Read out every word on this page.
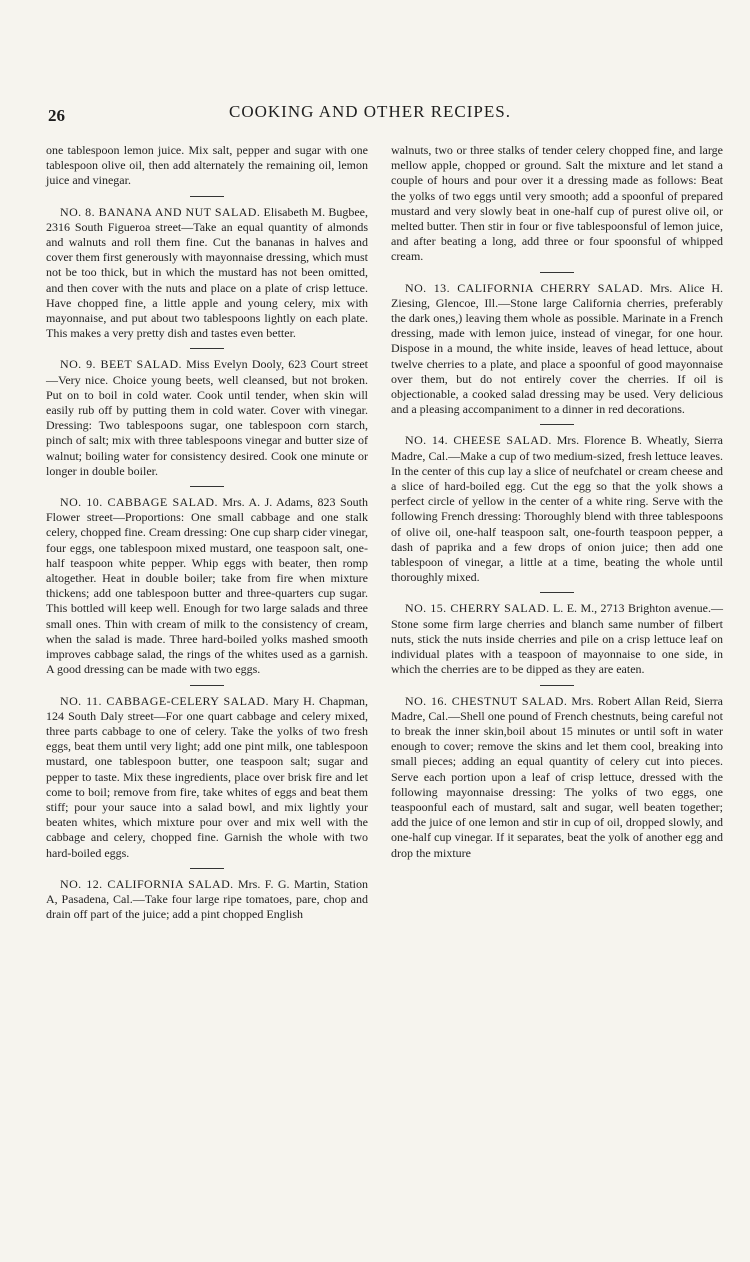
26	COOKING AND OTHER RECIPES.

one tablespoon lemon juice. Mix salt, pepper and sugar with one tablespoon olive oil, then add alternately the remaining oil, lemon juice and vinegar.

NO. 8. BANANA AND NUT SALAD. Elisabeth M. Bugbee, 2316 South Figueroa street—Take an equal quantity of almonds and walnuts and roll them fine. Cut the bananas in halves and cover them first generously with mayonnaise dressing, which must not be too thick, but in which the mustard has not been omitted, and then cover with the nuts and place on a plate of crisp lettuce. Have chopped fine, a little apple and young celery, mix with mayonnaise, and put about two tablespoons lightly on each plate. This makes a very pretty dish and tastes even better.

NO. 9. BEET SALAD. Miss Evelyn Dooly, 623 Court street—Very nice. Choice young beets, well cleansed, but not broken. Put on to boil in cold water. Cook until tender, when skin will easily rub off by putting them in cold water. Cover with vinegar. Dressing: Two tablespoons sugar, one tablespoon corn starch, pinch of salt; mix with three tablespoons vinegar and butter size of walnut; boiling water for consistency desired. Cook one minute or longer in double boiler.

NO. 10. CABBAGE SALAD. Mrs. A. J. Adams, 823 South Flower street—Proportions: One small cabbage and one stalk celery, chopped fine. Cream dressing: One cup sharp cider vinegar, four eggs, one tablespoon mixed mustard, one teaspoon salt, one-half teaspoon white pepper. Whip eggs with beater, then romp altogether. Heat in double boiler; take from fire when mixture thickens; add one tablespoon butter and three-quarters cup sugar. This bottled will keep well. Enough for two large salads and three small ones. Thin with cream of milk to the consistency of cream, when the salad is made. Three hard-boiled yolks mashed smooth improves cabbage salad, the rings of the whites used as a garnish. A good dressing can be made with two eggs.

NO. 11. CABBAGE-CELERY SALAD. Mary H. Chapman, 124 South Daly street—For one quart cabbage and celery mixed, three parts cabbage to one of celery. Take the yolks of two fresh eggs, beat them until very light; add one pint milk, one tablespoon mustard, one tablespoon butter, one teaspoon salt; sugar and pepper to taste. Mix these ingredients, place over brisk fire and let come to boil; remove from fire, take whites of eggs and beat them stiff; pour your sauce into a salad bowl, and mix lightly your beaten whites, which mixture pour over and mix well with the cabbage and celery, chopped fine. Garnish the whole with two hard-boiled eggs.

NO. 12. CALIFORNIA SALAD. Mrs. F. G. Martin, Station A, Pasadena, Cal.—Take four large ripe tomatoes, pare, chop and drain off part of the juice; add a pint chopped English

walnuts, two or three stalks of tender celery chopped fine, and large mellow apple, chopped or ground. Salt the mixture and let stand a couple of hours and pour over it a dressing made as follows: Beat the yolks of two eggs until very smooth; add a spoonful of prepared mustard and very slowly beat in one-half cup of purest olive oil, or melted butter. Then stir in four or five tablespoonsful of lemon juice, and after beating a long, add three or four spoonsful of whipped cream.

NO. 13. CALIFORNIA CHERRY SALAD. Mrs. Alice H. Ziesing, Glencoe, Ill.—Stone large California cherries, preferably the dark ones,) leaving them whole as possible. Marinate in a French dressing, made with lemon juice, instead of vinegar, for one hour. Dispose in a mound, the white inside, leaves of head lettuce, about twelve cherries to a plate, and place a spoonful of good mayonnaise over them, but do not entirely cover the cherries. If oil is objectionable, a cooked salad dressing may be used. Very delicious and a pleasing accompaniment to a dinner in red decorations.

NO. 14. CHEESE SALAD. Mrs. Florence B. Wheatly, Sierra Madre, Cal.—Make a cup of two medium-sized, fresh lettuce leaves. In the center of this cup lay a slice of neufchatel or cream cheese and a slice of hard-boiled egg. Cut the egg so that the yolk shows a perfect circle of yellow in the center of a white ring. Serve with the following French dressing: Thoroughly blend with three tablespoons of olive oil, one-half teaspoon salt, one-fourth teaspoon pepper, a dash of paprika and a few drops of onion juice; then add one tablespoon of vinegar, a little at a time, beating the whole until thoroughly mixed.

NO. 15. CHERRY SALAD. L. E. M., 2713 Brighton avenue.—Stone some firm large cherries and blanch same number of filbert nuts, stick the nuts inside cherries and pile on a crisp lettuce leaf on individual plates with a teaspoon of mayonnaise to one side, in which the cherries are to be dipped as they are eaten.

NO. 16. CHESTNUT SALAD. Mrs. Robert Allan Reid, Sierra Madre, Cal.—Shell one pound of French chestnuts, being careful not to break the inner skin,boil about 15 minutes or until soft in water enough to cover; remove the skins and let them cool, breaking into small pieces; adding an equal quantity of celery cut into pieces. Serve each portion upon a leaf of crisp lettuce, dressed with the following mayonnaise dressing: The yolks of two eggs, one teaspoonful each of mustard, salt and sugar, well beaten together; add the juice of one lemon and stir in cup of oil, dropped slowly, and one-half cup vinegar. If it separates, beat the yolk of another egg and drop the mixture
